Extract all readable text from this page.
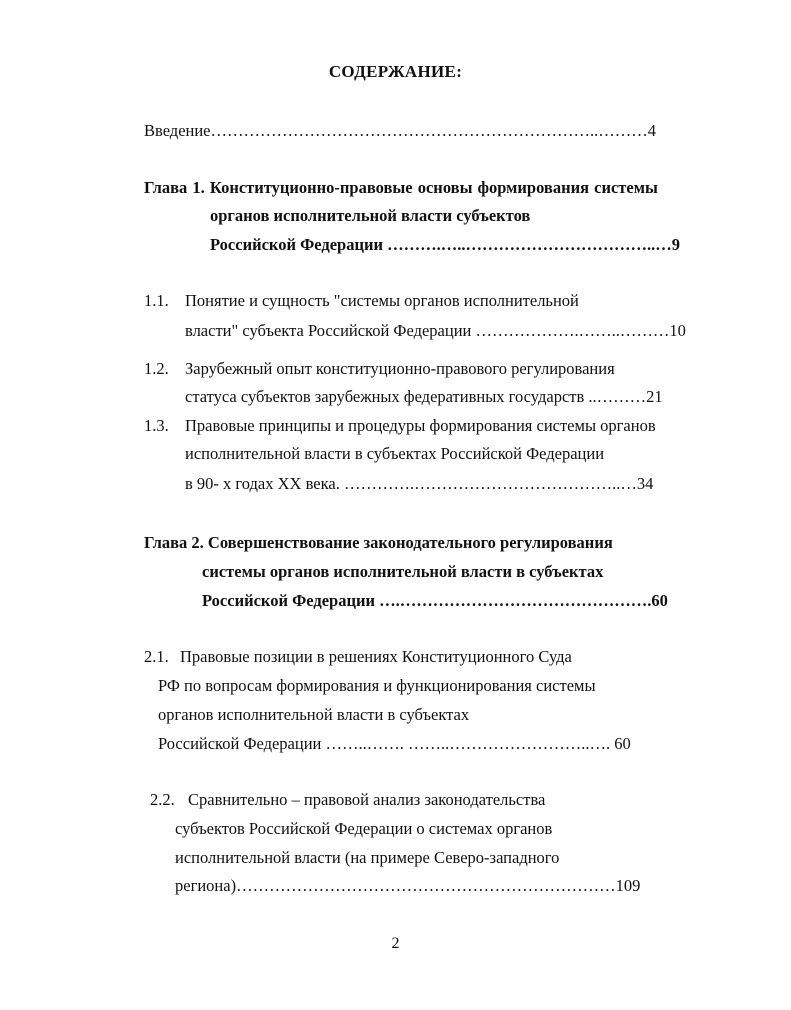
СОДЕРЖАНИЕ:
Введение……………………………………………………………..………4
Глава 1. Конституционно-правовые основы формирования системы
органов исполнительной власти субъектов
Российской Федерации ……….…..……………………………..…9
1.1. Понятие и сущность "системы органов исполнительной
власти" субъекта Российской Федерации ……………….……..………10
1.2. Зарубежный опыт конституционно-правового регулирования
статуса субъектов зарубежных федеративных государств ..………21
1.3. Правовые принципы и процедуры формирования системы органов
исполнительной власти в субъектах Российской Федерации
в 90- х годах XX века. ………….………………………………..…34
Глава 2. Совершенствование законодательного регулирования
системы органов исполнительной власти в субъектах
Российской Федерации ….……………………………………….60
2.1. Правовые позиции в решениях Конституционного Суда
РФ по вопросам формирования и функционирования системы
органов исполнительной власти в субъектах
Российской Федерации ……..……. ……..……………………..…. 60
2.2. Сравнительно – правовой анализ законодательства
субъектов Российской Федерации о системах органов
исполнительной власти (на примере Северо-западного
региона)……………………………………………………………109
2
